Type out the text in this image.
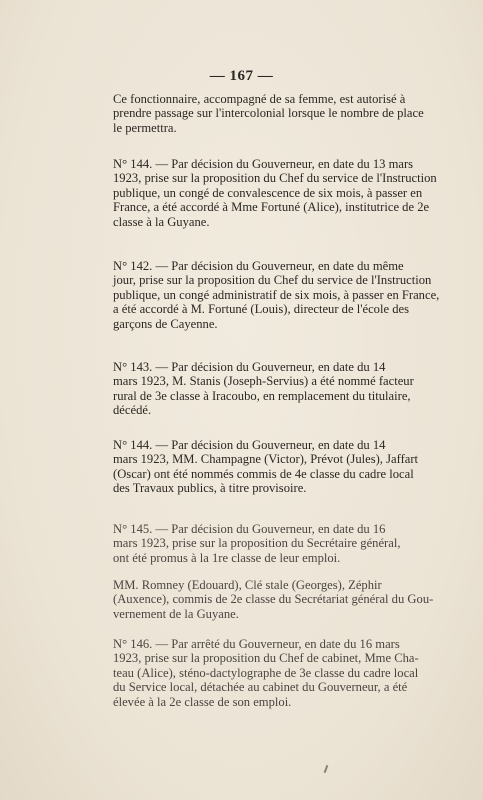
— 167 —
Ce fonctionnaire, accompagné de sa femme, est autorisé à
prendre passage sur l'intercolonial lorsque le nombre de place
le permettra.
N° 144. — Par décision du Gouverneur, en date du 13 mars
1923, prise sur la proposition du Chef du service de l'Instruction
publique, un congé de convalescence de six mois, à passer en
France, a été accordé à Mme Fortuné (Alice), institutrice de 2e
classe à la Guyane.
N° 142. — Par décision du Gouverneur, en date du même
jour, prise sur la proposition du Chef du service de l'Instruction
publique, un congé administratif de six mois, à passer en France,
a été accordé à M. Fortuné (Louis), directeur de l'école des
garçons de Cayenne.
N° 143. — Par décision du Gouverneur, en date du 14
mars 1923, M. Stanis (Joseph-Servius) a été nommé facteur
rural de 3e classe à Iracoubo, en remplacement du titulaire,
décédé.
N° 144. — Par décision du Gouverneur, en date du 14
mars 1923, MM. Champagne (Victor), Prévot (Jules), Jaffart
(Oscar) ont été nommés commis de 4e classe du cadre local
des Travaux publics, à titre provisoire.
N° 145. — Par décision du Gouverneur, en date du 16
mars 1923, prise sur la proposition du Secrétaire général,
ont été promus à la 1re classe de leur emploi.
MM. Romney (Edouard), Clé stale (Georges), Zéphir
(Auxence), commis de 2e classe du Secrétariat général du Gou-
vernement de la Guyane.
N° 146. — Par arrêté du Gouverneur, en date du 16 mars
1923, prise sur la proposition du Chef de cabinet, Mme Cha-
teau (Alice), sténo-dactylographe de 3e classe du cadre local
du Service local, détachée au cabinet du Gouverneur, a été
élevée à la 2e classe de son emploi.
